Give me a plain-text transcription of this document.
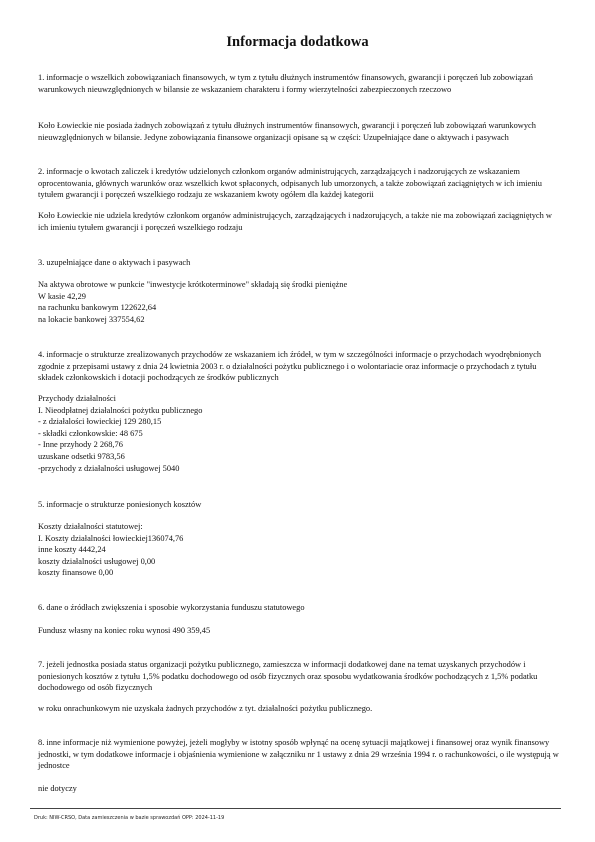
Informacja dodatkowa

1. informacje o wszelkich zobowiązaniach finansowych, w tym z tytułu dłużnych instrumentów finansowych, gwarancji i poręczeń lub zobowiązań warunkowych nieuwzględnionych w bilansie ze wskazaniem charakteru i formy wierzytelności zabezpieczonych rzeczowo

Koło Łowieckie nie posiada żadnych zobowiązań z tytułu dłużnych instrumentów finansowych, gwarancji i poręczeń lub zobowiązań warunkowych nieuwzględnionych w bilansie. Jedyne zobowiązania finansowe organizacji opisane są w części: Uzupełniające dane o aktywach i pasywach

2. informacje o kwotach zaliczek i kredytów udzielonych członkom organów administrujących, zarządzających i nadzorujących ze wskazaniem oprocentowania, głównych warunków oraz wszelkich kwot spłaconych, odpisanych lub umorzonych, a także zobowiązań zaciągniętych w ich imieniu tytułem gwarancji i poręczeń wszelkiego rodzaju ze wskazaniem kwoty ogółem dla każdej kategorii

Koło Łowieckie nie udziela kredytów członkom organów administrujących, zarządzających i nadzorujących, a także nie ma zobowiązań zaciągniętych w ich imieniu tytułem gwarancji i poręczeń wszelkiego rodzaju

3. uzupełniające dane o aktywach i pasywach

Na aktywa obrotowe w punkcie "inwestycje krótkoterminowe" składają się środki pieniężne
W kasie 42,29
na rachunku bankowym 122622,64
na lokacie bankowej 337554,62

4. informacje o strukturze zrealizowanych przychodów ze wskazaniem ich źródeł, w tym w szczególności informacje o przychodach wyodrębnionych zgodnie z przepisami ustawy z dnia 24 kwietnia 2003 r. o działalności pożytku publicznego i o wolontariacie oraz informacje o przychodach z tytułu składek członkowskich i dotacji pochodzących ze środków publicznych

Przychody działalności
I. Nieodpłatnej działalności pożytku publicznego
- z działalości łowieckiej 129 280,15
- składki członkowskie: 48 675
- Inne przyhody 2 268,76
uzuskane odsetki 9783,56
-przychody z działalności usługowej 5040

5. informacje o strukturze poniesionych kosztów

Koszty działalności statutowej:
I. Koszty działalności łowieckiej136074,76
inne koszty 4442,24
koszty działalności usługowej 0,00
koszty finansowe 0,00

6. dane o źródłach zwiększenia i sposobie wykorzystania funduszu statutowego

Fundusz własny na koniec roku wynosi 490 359,45

7. jeżeli jednostka posiada status organizacji pożytku publicznego, zamieszcza w informacji dodatkowej dane na temat uzyskanych przychodów i poniesionych kosztów z tytułu 1,5% podatku dochodowego od osób fizycznych oraz sposobu wydatkowania środków pochodzących z 1,5% podatku dochodowego od osób fizycznych

w roku onrachunkowym nie uzyskała żadnych przychodów z tyt. działalności pożytku publicznego.

8. inne informacje niż wymienione powyżej, jeżeli mogłyby w istotny sposób wpłynąć na ocenę sytuacji majątkowej i finansowej oraz wynik finansowy jednostki, w tym dodatkowe informacje i objaśnienia wymienione w załączniku nr 1 ustawy z dnia 29 września 1994 r. o rachunkowości, o ile występują w jednostce

nie dotyczy

Druk: NIW-CRSO, Data zamieszczenia w bazie sprawozdań OPP: 2024-11-19
